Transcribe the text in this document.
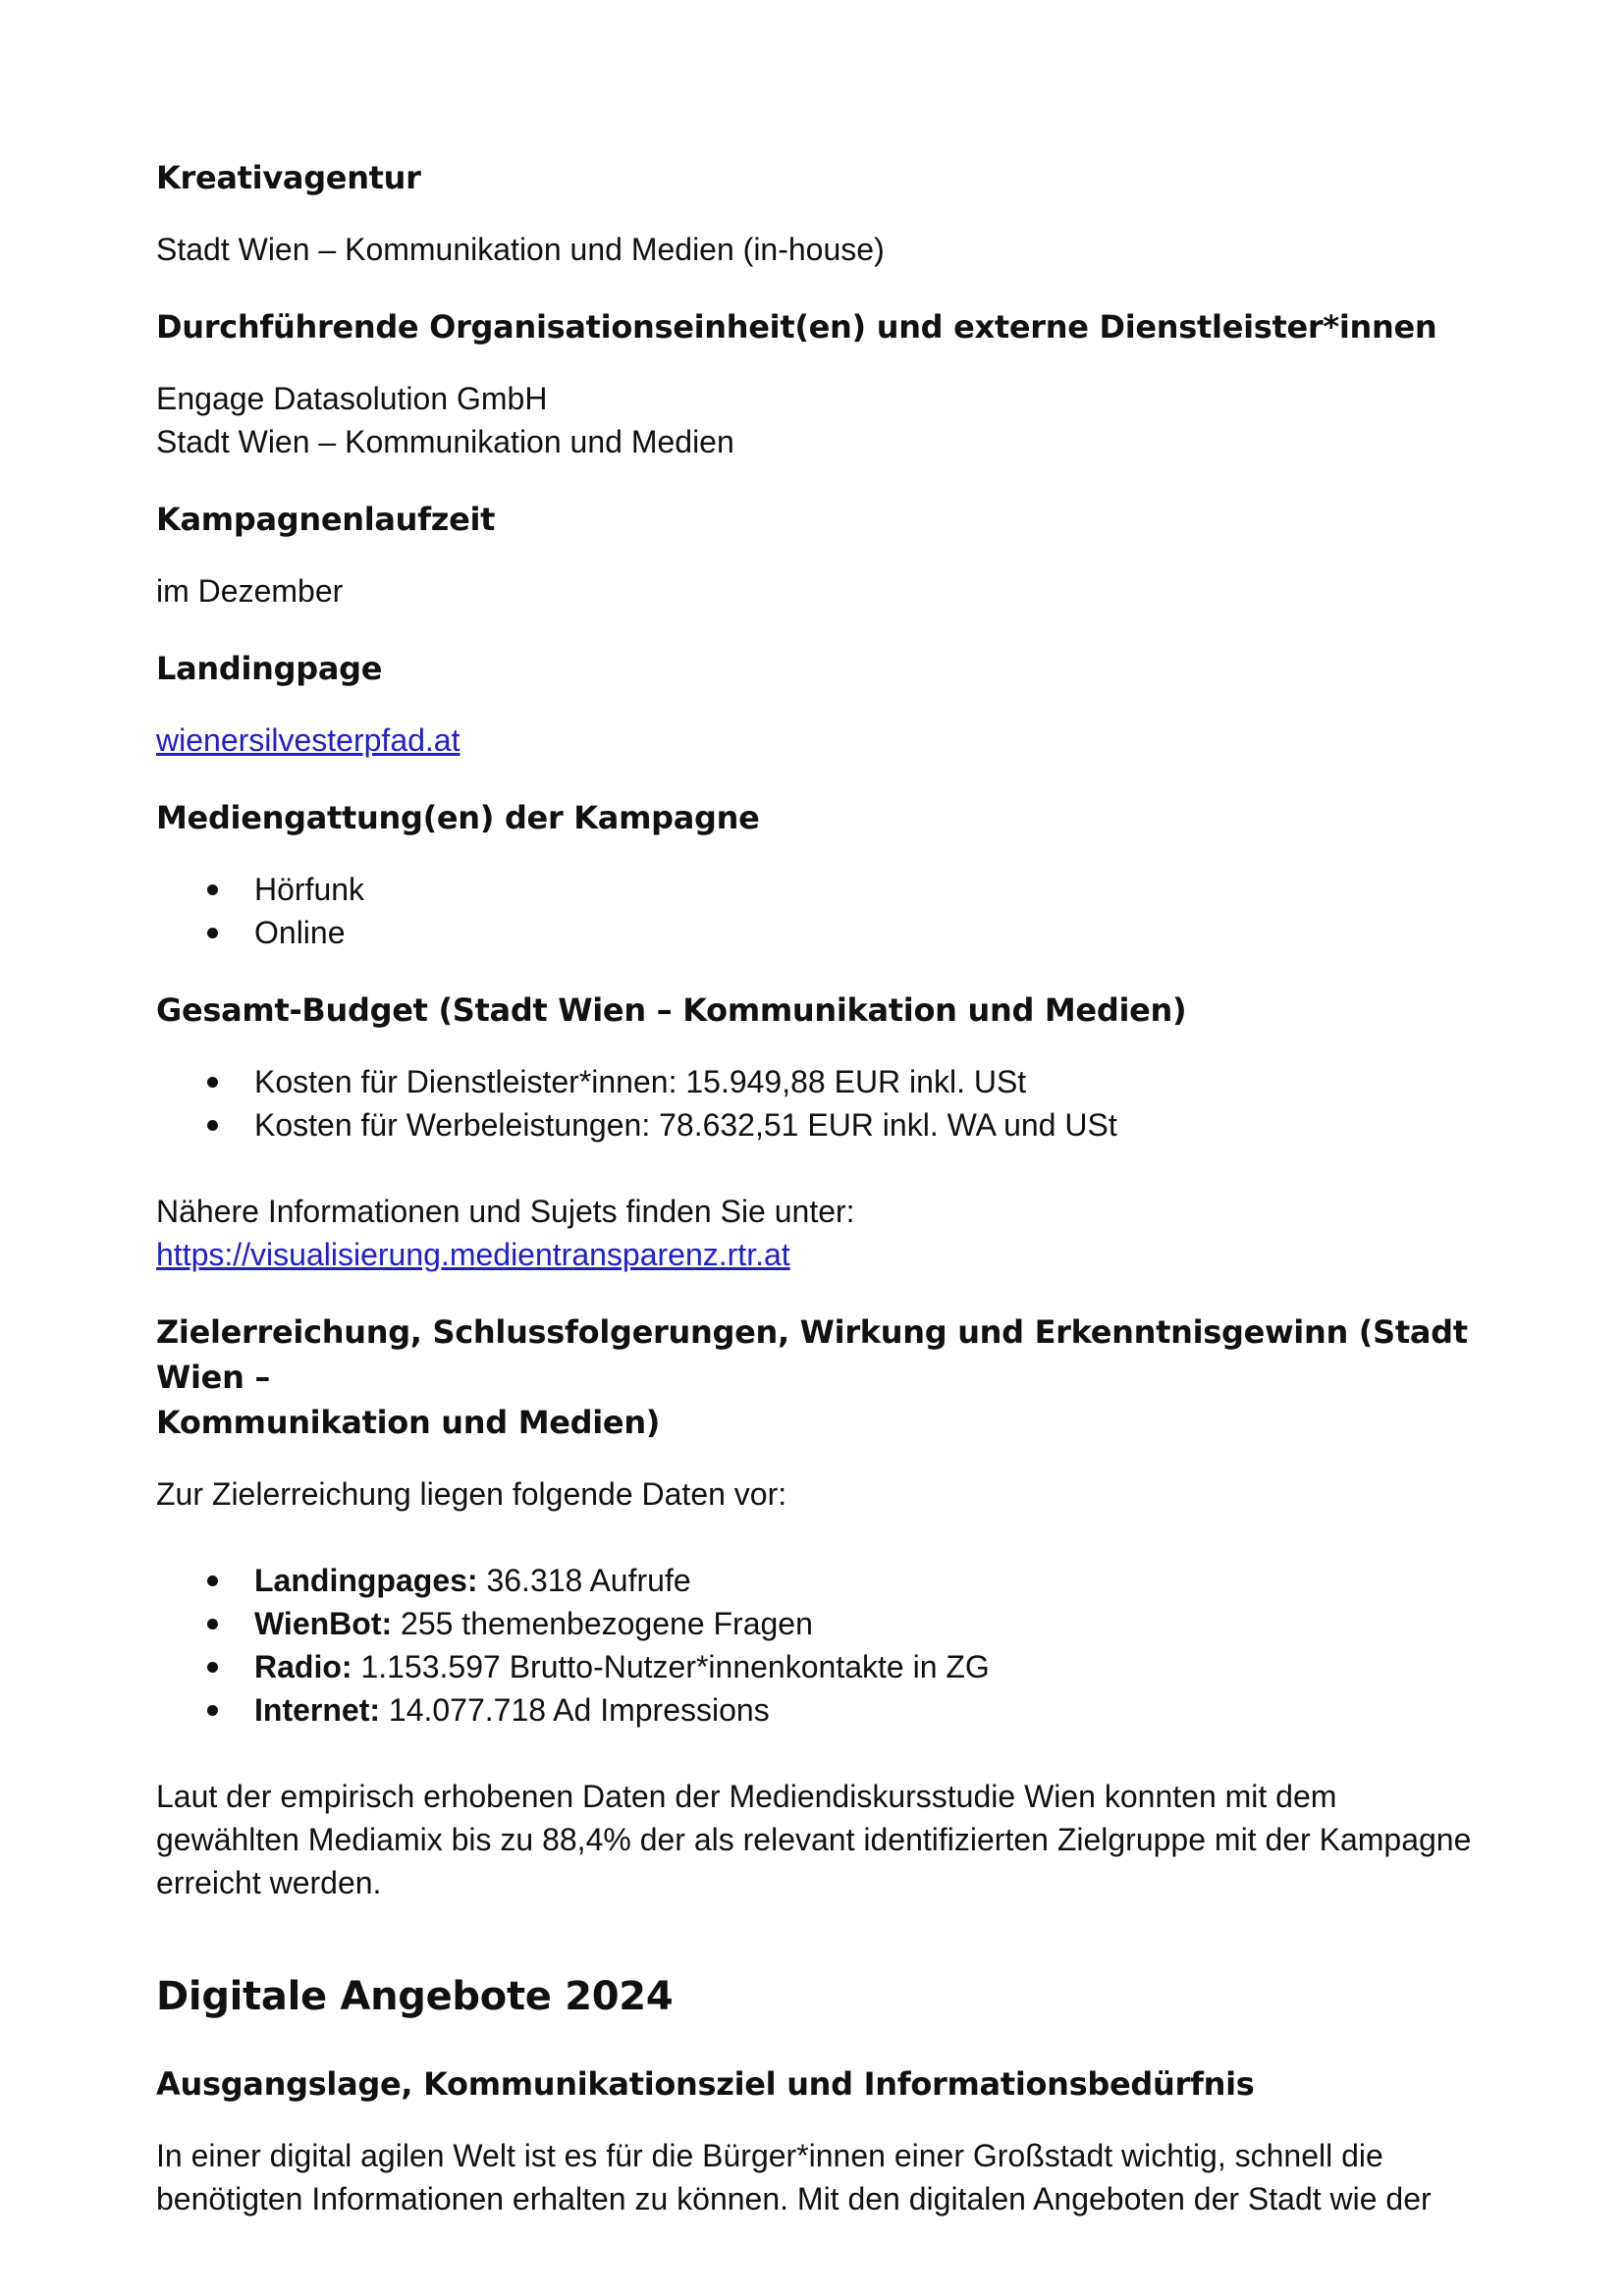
Kreativagentur

Stadt Wien – Kommunikation und Medien (in-house)

Durchführende Organisationseinheit(en) und externe Dienstleister*innen

Engage Datasolution GmbH

Stadt Wien – Kommunikation und Medien

Kampagnenlaufzeit

im Dezember

Landingpage

wienersilvesterpfad.at

Mediengattung(en) der Kampagne
Hörfunk
Online
Gesamt-Budget (Stadt Wien – Kommunikation und Medien)
Kosten für Dienstleister*innen: 15.949,88 EUR inkl. USt
Kosten für Werbeleistungen: 78.632,51 EUR inkl. WA und USt

Nähere Informationen und Sujets finden Sie unter:

https://visualisierung.medientransparenz.rtr.at

Zielerreichung, Schlussfolgerungen, Wirkung und Erkenntnisgewinn (Stadt Wien –
Kommunikation und Medien)

Zur Zielerreichung liegen folgende Daten vor:

Landingpages: 36.318 Aufrufe
WienBot: 255 themenbezogene Fragen
Radio: 1.153.597 Brutto-Nutzer*innenkontakte in ZG
Internet: 14.077.718 Ad Impressions

Laut der empirisch erhobenen Daten der Mediendiskursstudie Wien konnten mit dem
gewählten Mediamix bis zu 88,4% der als relevant identifizierten Zielgruppe mit der Kampagne
erreicht werden.

Digitale Angebote 2024
Ausgangslage, Kommunikationsziel und Informationsbedürfnis

In einer digital agilen Welt ist es für die Bürger*innen einer Großstadt wichtig, schnell die
benötigten Informationen erhalten zu können. Mit den digitalen Angeboten der Stadt wie der
